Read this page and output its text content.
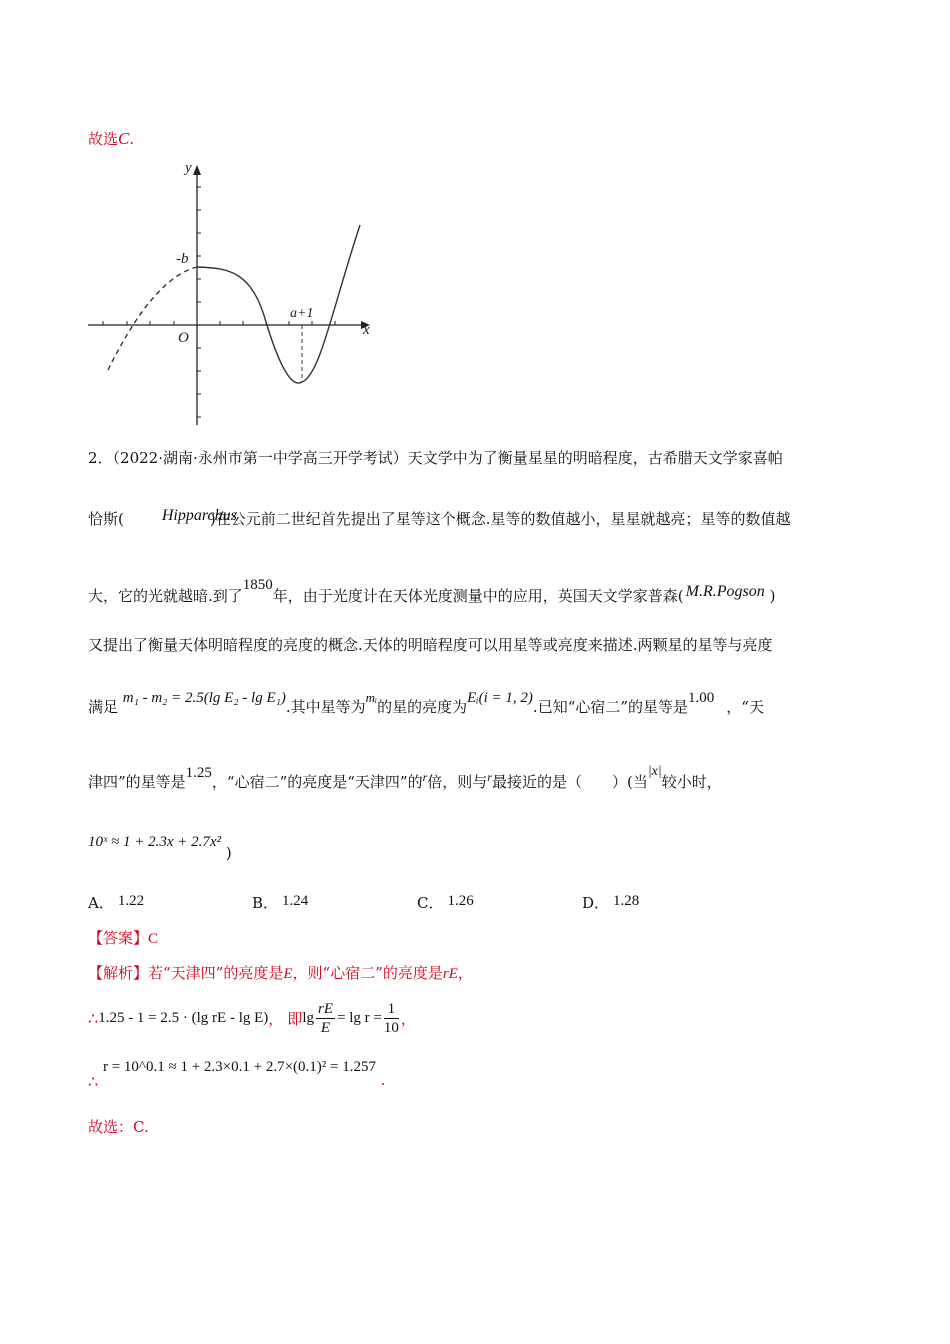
故选C.
y
x
O
-b
a+1
2．（2022·湖南·永州市第一中学高三开学考试）天文学中为了衡量星星的明暗程度，古希腊天文学家喜帕
恰斯( Hipparchus
)在公元前二世纪首先提出了星等这个概念.星等的数值越小，星星就越亮；星等的数值越
大，它的光就越暗.到了1850年，由于光度计在天体光度测量中的应用，英国天文学家普森( M.R.Pogson )
又提出了衡量天体明暗程度的亮度的概念.天体的明暗程度可以用星等或亮度来描述.两颗星的星等与亮度
满足 m₁ - m₂ = 2.5(lg E₂ - lg E₁).其中星等为mᵢ的星的亮度为Eᵢ(i = 1, 2).已知“心宿二”的星等是1.00 ，“天
津四”的星等是1.25，“心宿二”的亮度是“天津四”的$^r$倍，则与$^r$最接近的是（　　）(当|x|较小时，
10ˣ ≈ 1 + 2.3x + 2.7x² )
A． 1.22	B． 1.24	C． 1.26	D． 1.28
【答案】C
【解析】若“天津四”的亮度是E，则“心宿二”的亮度是rE，
∴ 1.25 - 1 = 2.5 · (lg rE - lg E) ， 即 $\lg \frac{rE}{E} = \lg r = \frac{1}{10}$ ，
∴ r = 10^0.1 ≈ 1 + 2.3×0.1 + 2.7×(0.1)² = 1.257 .
故选：C.
